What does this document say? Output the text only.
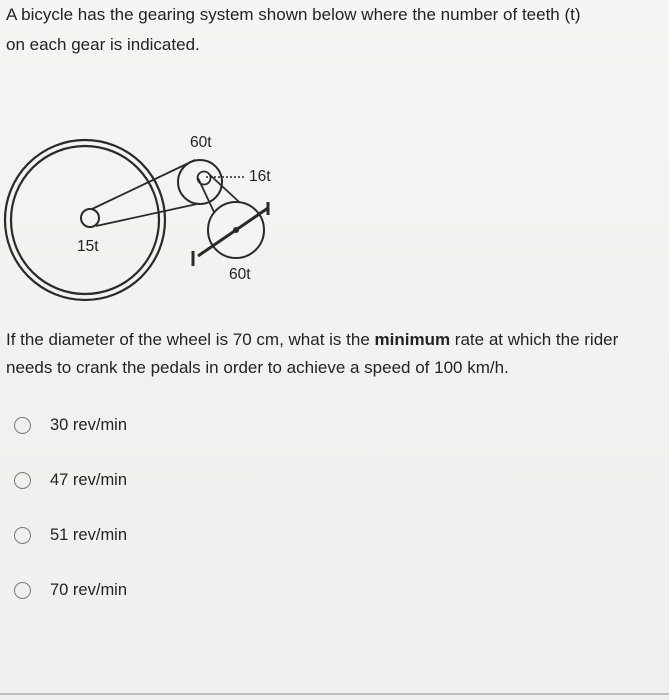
A bicycle has the gearing system shown below where the number of teeth (t)
on each gear is indicated.
15t
60t
16t
60t

If the diameter of the wheel is 70 cm, what is the minimum rate at which the rider needs to crank the pedals in order to achieve a speed of 100 km/h.

30 rev/min
47 rev/min
51 rev/min
70 rev/min
